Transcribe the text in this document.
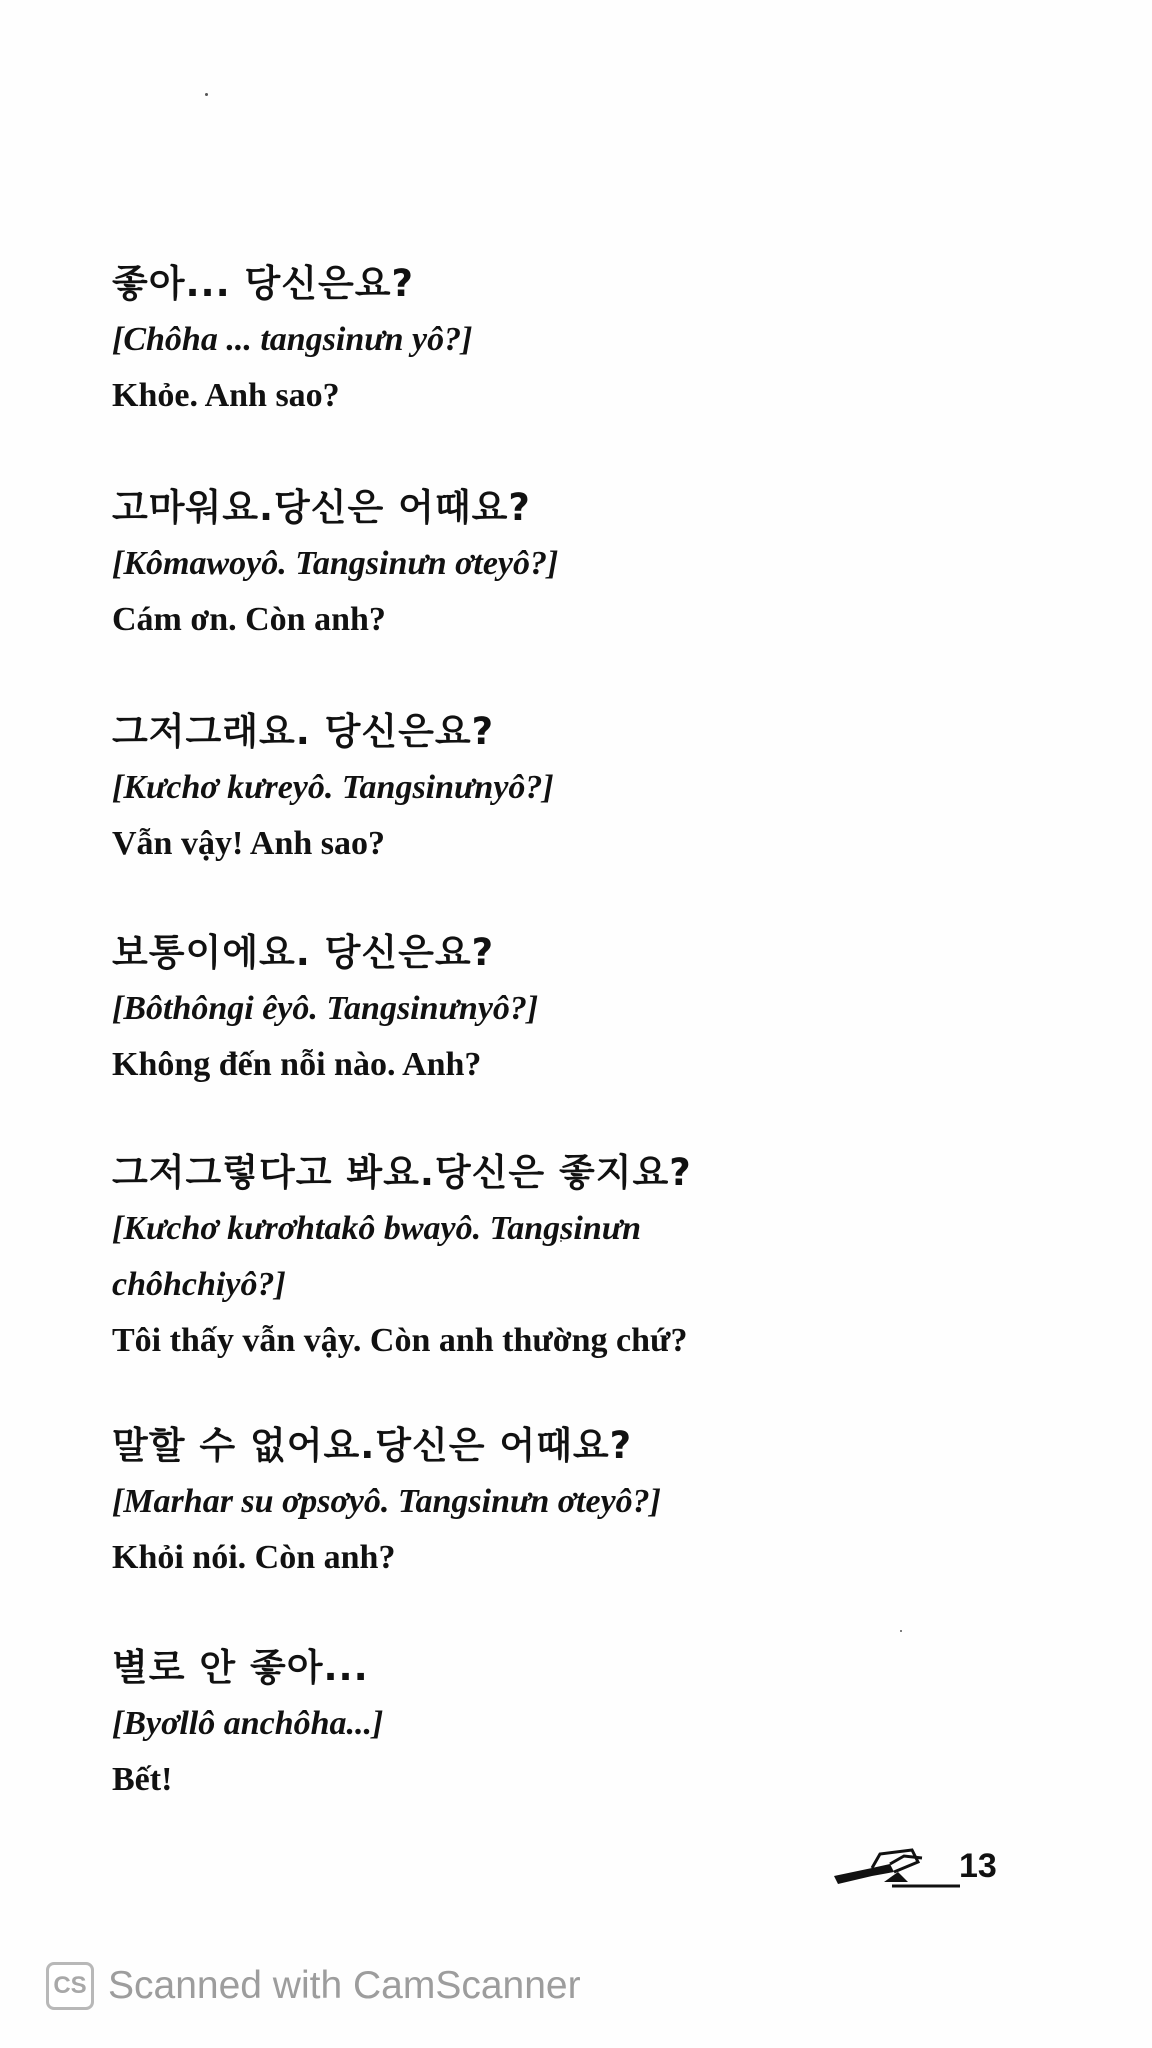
좋아... 당신은요?
[Chôha ... tangsinưn yô?]
Khỏe. Anh sao?
고마워요.당신은 어때요?
[Kômawoyô. Tangsinưn ơteyô?]
Cám ơn. Còn anh?
그저그래요. 당신은요?
[Kưchơ kưreyô. Tangsinưnyô?]
Vẫn vậy! Anh sao?
보통이에요. 당신은요?
[Bôthôngi êyô. Tangsinưnyô?]
Không đến nỗi nào. Anh?
그저그렇다고 봐요.당신은 좋지요?
[Kưchơ kưrơhtakô bwayô. Tangsinưn
chôhchiyô?]
Tôi thấy vẫn vậy. Còn anh thường chứ?
말할 수 없어요.당신은 어때요?
[Marhar su ơpsơyô. Tangsinưn ơteyô?]
Khỏi nói. Còn anh?
별로 안 좋아...
[Byơllô anchôha...]
Bết!
13
CS Scanned with CamScanner
